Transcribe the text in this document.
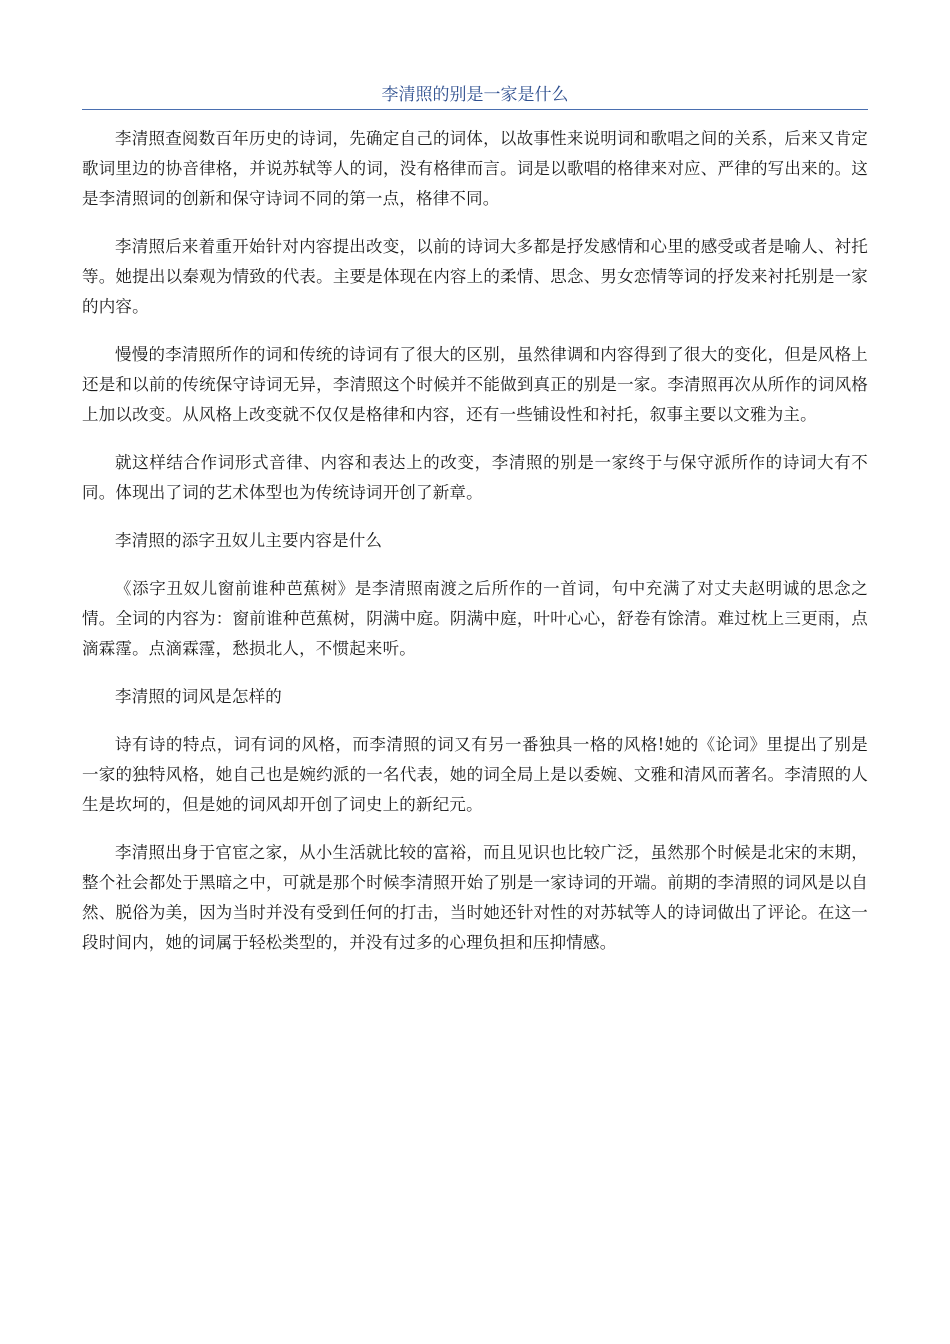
李清照的别是一家是什么

李清照查阅数百年历史的诗词，先确定自己的词体，以故事性来说明词和歌唱之间的关系，后来又肯定歌词里边的协音律格，并说苏轼等人的词，没有格律而言。词是以歌唱的格律来对应、严律的写出来的。这是李清照词的创新和保守诗词不同的第一点，格律不同。

李清照后来着重开始针对内容提出改变，以前的诗词大多都是抒发感情和心里的感受或者是喻人、衬托等。她提出以秦观为情致的代表。主要是体现在内容上的柔情、思念、男女恋情等词的抒发来衬托别是一家的内容。

慢慢的李清照所作的词和传统的诗词有了很大的区别，虽然律调和内容得到了很大的变化，但是风格上还是和以前的传统保守诗词无异，李清照这个时候并不能做到真正的别是一家。李清照再次从所作的词风格上加以改变。从风格上改变就不仅仅是格律和内容，还有一些铺设性和衬托，叙事主要以文雅为主。

就这样结合作词形式音律、内容和表达上的改变，李清照的别是一家终于与保守派所作的诗词大有不同。体现出了词的艺术体型也为传统诗词开创了新章。

李清照的添字丑奴儿主要内容是什么

《添字丑奴儿窗前谁种芭蕉树》是李清照南渡之后所作的一首词，句中充满了对丈夫赵明诚的思念之情。全词的内容为：窗前谁种芭蕉树，阴满中庭。阴满中庭，叶叶心心，舒卷有馀清。难过枕上三更雨，点滴霖霪。点滴霖霪，愁损北人，不惯起来听。

李清照的词风是怎样的

诗有诗的特点，词有词的风格，而李清照的词又有另一番独具一格的风格!她的《论词》里提出了别是一家的独特风格，她自己也是婉约派的一名代表，她的词全局上是以委婉、文雅和清风而著名。李清照的人生是坎坷的，但是她的词风却开创了词史上的新纪元。

李清照出身于官宦之家，从小生活就比较的富裕，而且见识也比较广泛，虽然那个时候是北宋的末期，整个社会都处于黑暗之中，可就是那个时候李清照开始了别是一家诗词的开端。前期的李清照的词风是以自然、脱俗为美，因为当时并没有受到任何的打击，当时她还针对性的对苏轼等人的诗词做出了评论。在这一段时间内，她的词属于轻松类型的，并没有过多的心理负担和压抑情感。
